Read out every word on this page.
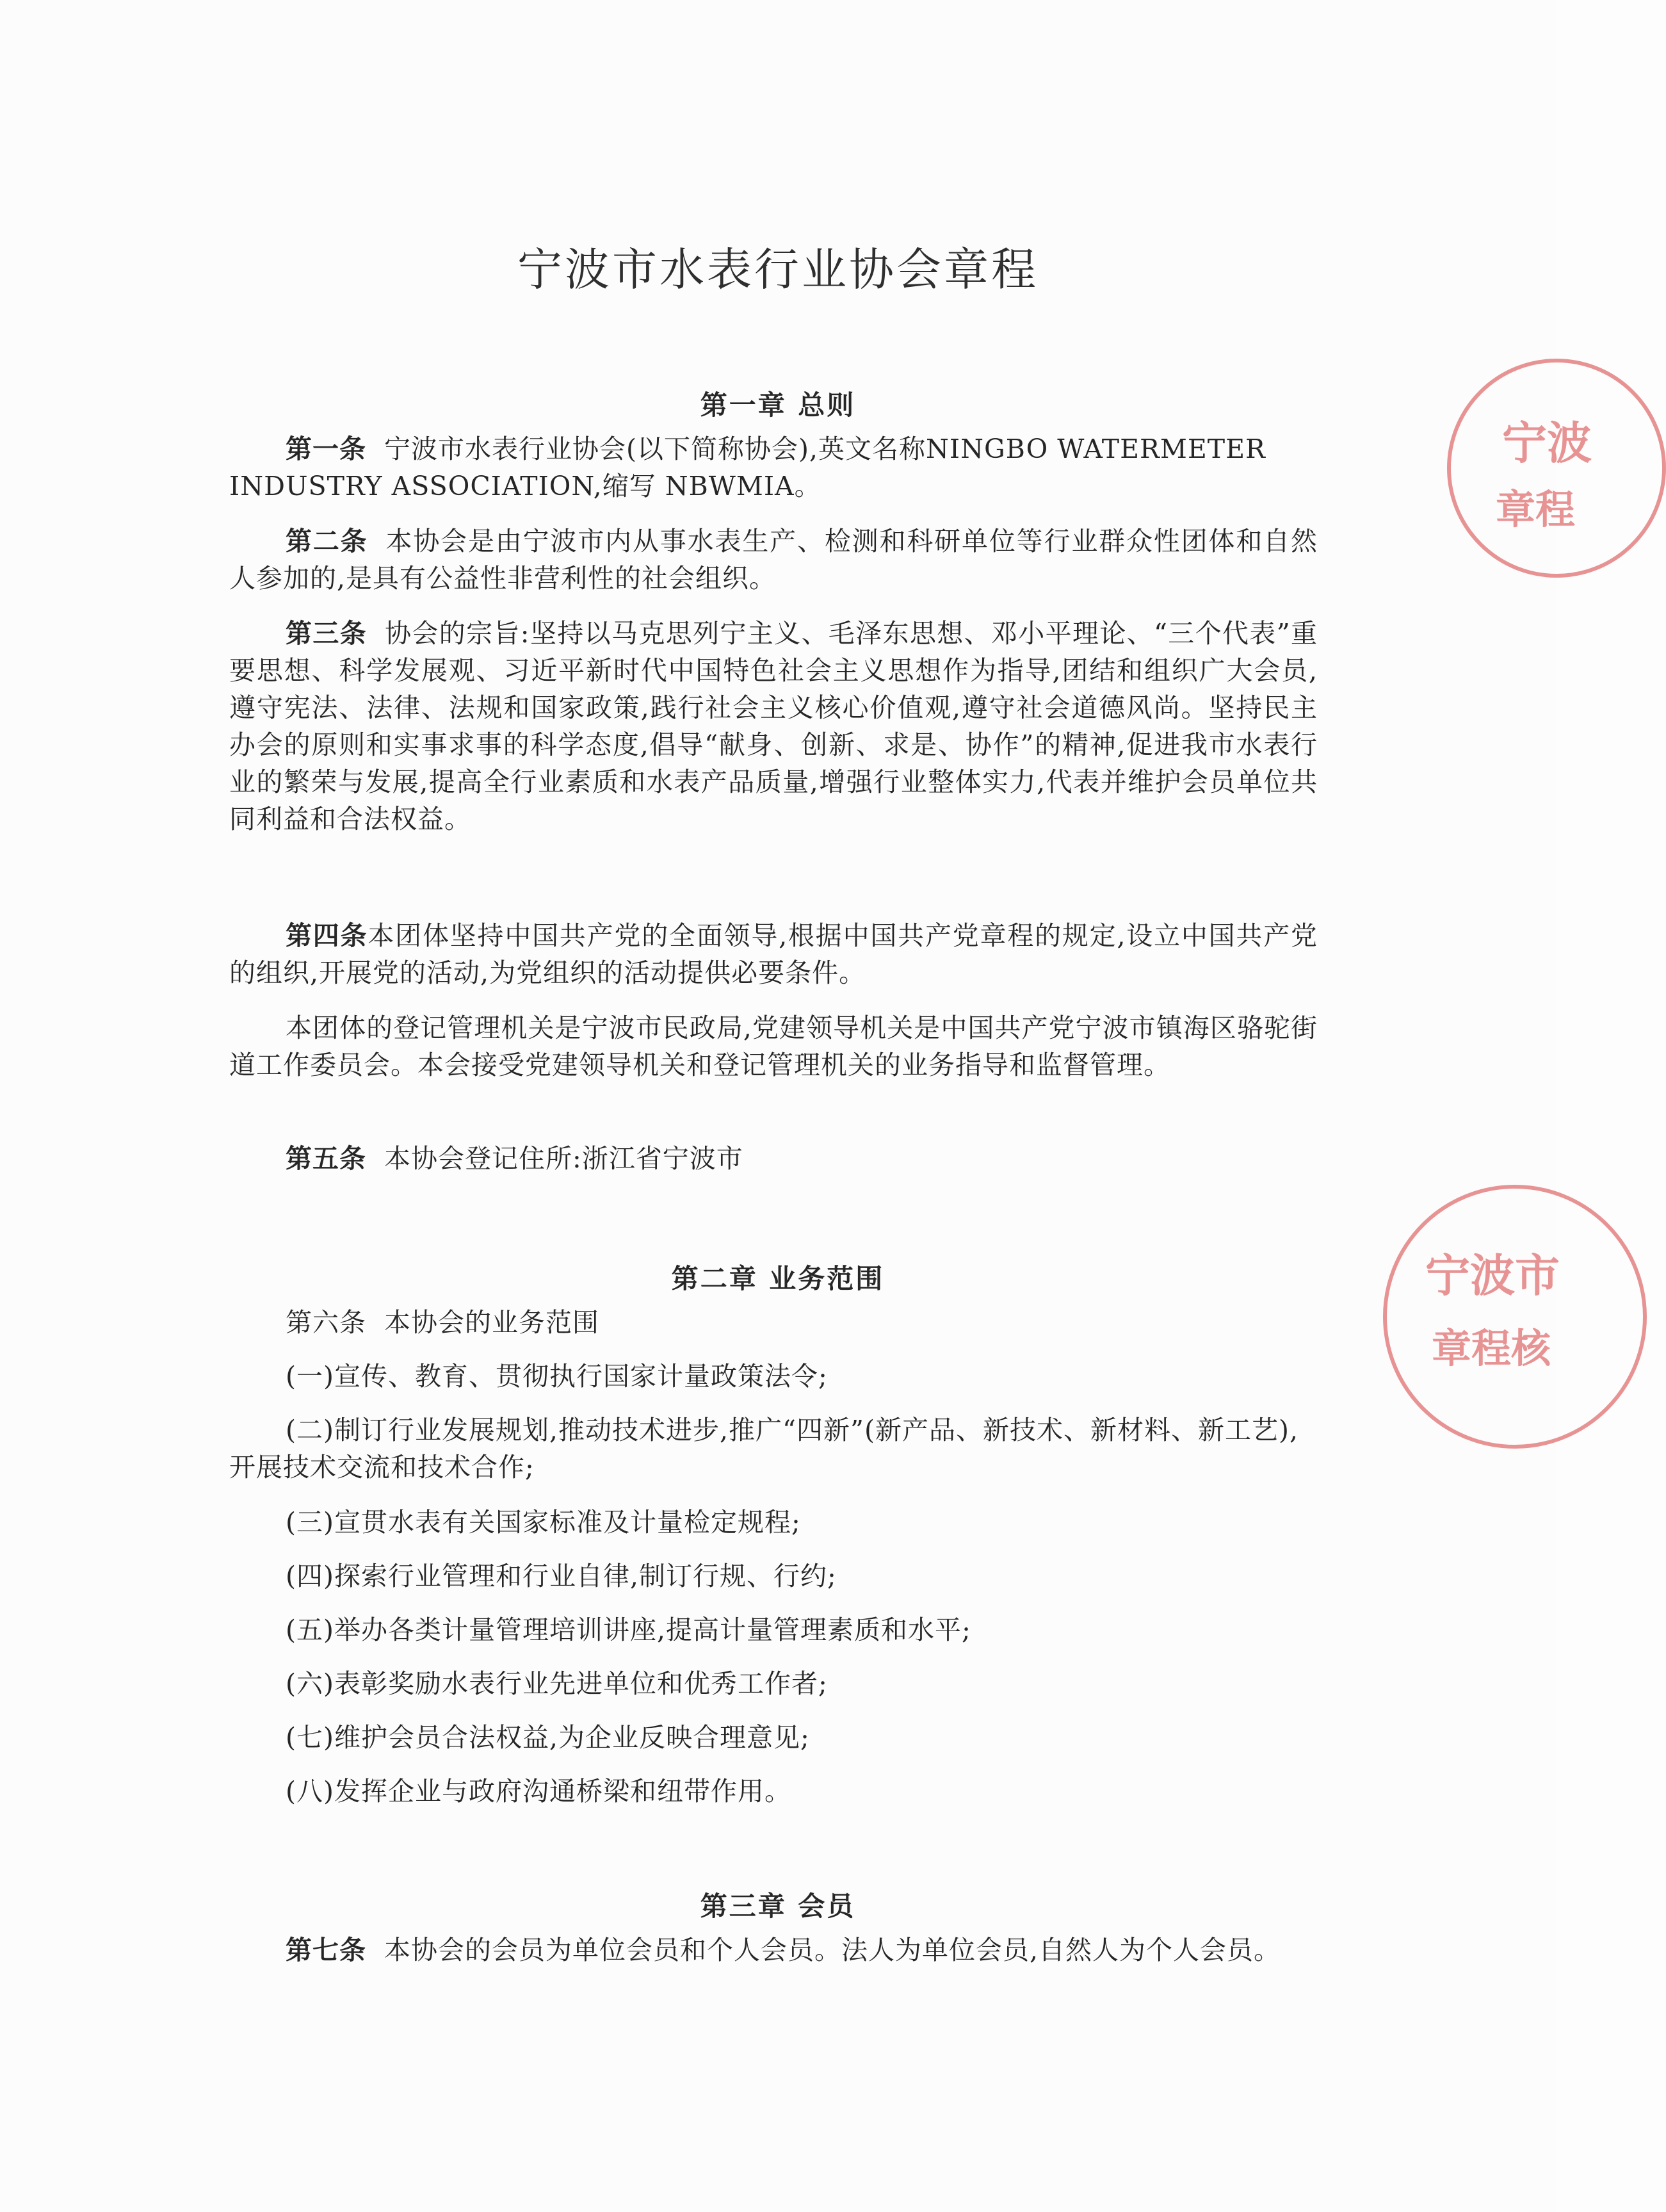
宁波市水表行业协会章程
第一章 总则

第一条 宁波市水表行业协会(以下简称协会),英文名称NINGBO WATERMETER

INDUSTRY ASSOCIATION,缩写 NBWMIA。

第二条 本协会是由宁波市内从事水表生产、检测和科研单位等行业群众性团体和自然人参加的,是具有公益性非营利性的社会组织。

第三条 协会的宗旨:坚持以马克思列宁主义、毛泽东思想、邓小平理论、“三个代表”重要思想、科学发展观、习近平新时代中国特色社会主义思想作为指导,团结和组织广大会员,遵守宪法、法律、法规和国家政策,践行社会主义核心价值观,遵守社会道德风尚。坚持民主办会的原则和实事求事的科学态度,倡导“献身、创新、求是、协作”的精神,促进我市水表行业的繁荣与发展,提高全行业素质和水表产品质量,增强行业整体实力,代表并维护会员单位共同利益和合法权益。

第四条本团体坚持中国共产党的全面领导,根据中国共产党章程的规定,设立中国共产党的组织,开展党的活动,为党组织的活动提供必要条件。

本团体的登记管理机关是宁波市民政局,党建领导机关是中国共产党宁波市镇海区骆驼街道工作委员会。本会接受党建领导机关和登记管理机关的业务指导和监督管理。

第五条 本协会登记住所:浙江省宁波市

第二章 业务范围

第六条 本协会的业务范围

(一)宣传、教育、贯彻执行国家计量政策法令;
(二)制订行业发展规划,推动技术进步,推广“四新”(新产品、新技术、新材料、新工艺),开展技术交流和技术合作;
(三)宣贯水表有关国家标准及计量检定规程;
(四)探索行业管理和行业自律,制订行规、行约;
(五)举办各类计量管理培训讲座,提高计量管理素质和水平;
(六)表彰奖励水表行业先进单位和优秀工作者;
(七)维护会员合法权益,为企业反映合理意见;
(八)发挥企业与政府沟通桥梁和纽带作用。
第三章 会员

第七条 本协会的会员为单位会员和个人会员。法人为单位会员,自然人为个人会员。

宁波
章程
宁波市
章程核
